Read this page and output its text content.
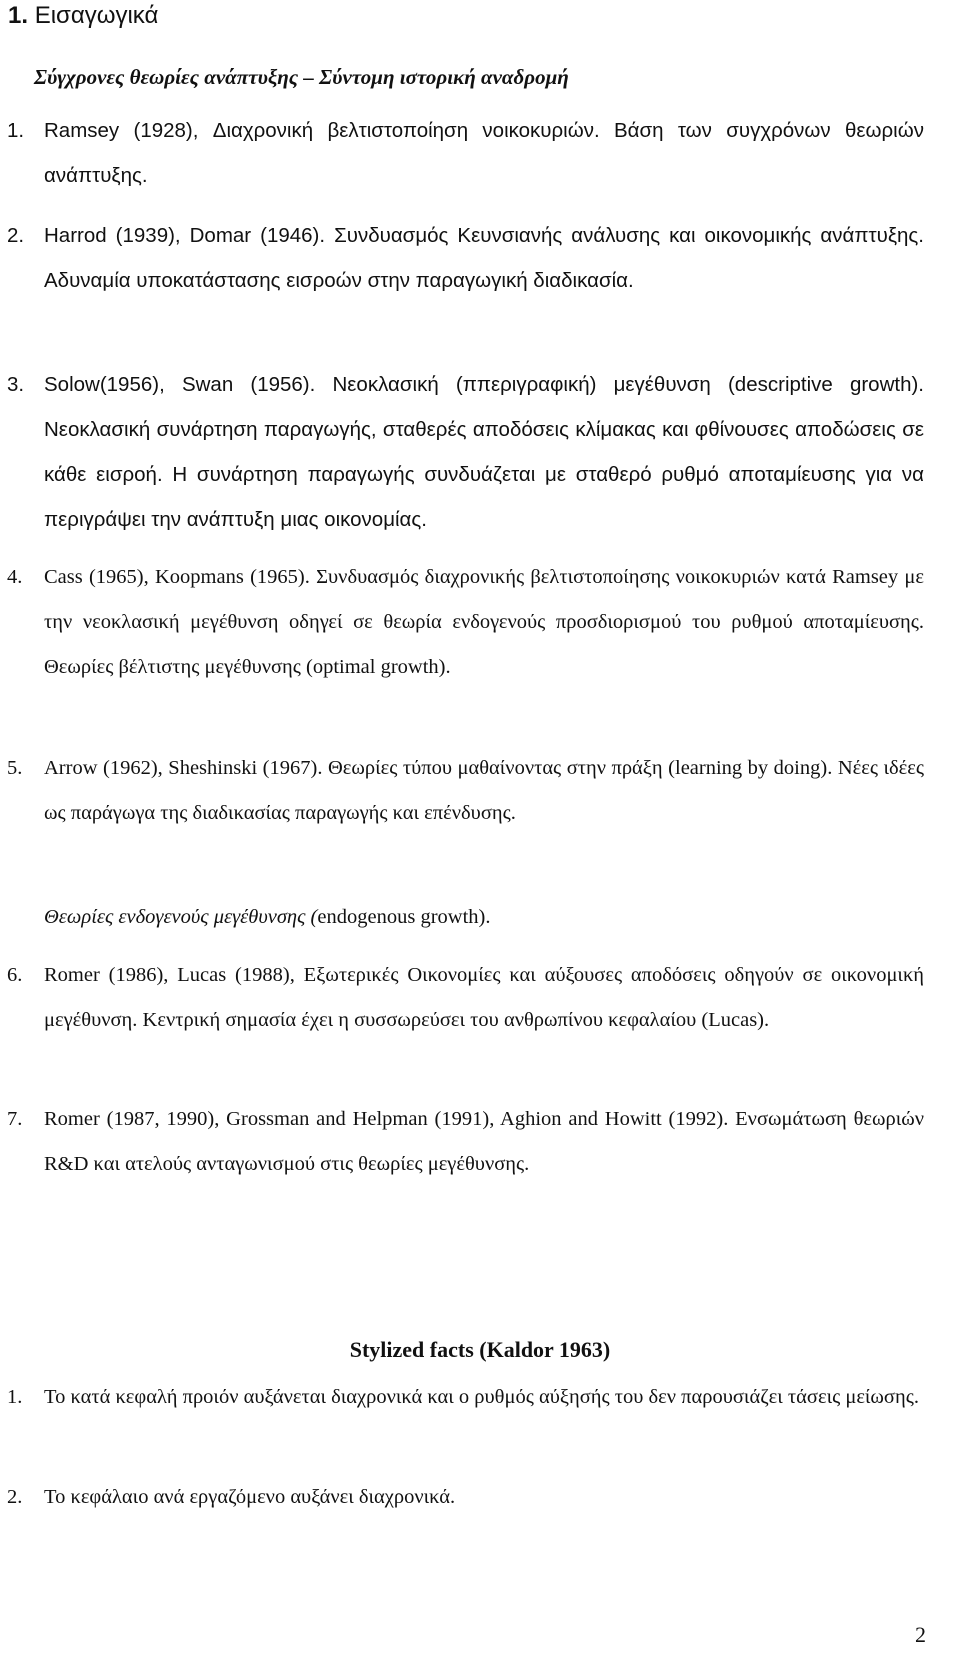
1. Εισαγωγικά
Σύγχρονες θεωρίες ανάπτυξης – Σύντομη ιστορική αναδρομή
1. Ramsey (1928), Διαχρονική βελτιστοποίηση νοικοκυριών. Βάση των συγχρόνων θεωριών ανάπτυξης.
2. Harrod (1939), Domar (1946). Συνδυασμός Κευνσιανής ανάλυσης και οικονομικής ανάπτυξης. Αδυναμία υποκατάστασης εισροών στην παραγωγική διαδικασία.
3. Solow(1956), Swan (1956). Νεοκλασική (ππεριγραφική) μεγέθυνση (descriptive growth). Νεοκλασική συνάρτηση παραγωγής, σταθερές αποδόσεις κλίμακας και φθίνουσες αποδώσεις σε κάθε εισροή. Η συνάρτηση παραγωγής συνδυάζεται με σταθερό ρυθμό αποταμίευσης για να περιγράψει την ανάπτυξη μιας οικονομίας.
4. Cass (1965), Koopmans (1965). Συνδυασμός διαχρονικής βελτιστοποίησης νοικοκυριών κατά Ramsey με την νεοκλασική μεγέθυνση οδηγεί σε θεωρία ενδογενούς προσδιορισμού του ρυθμού αποταμίευσης. Θεωρίες βέλτιστης μεγέθυνσης (optimal growth).
5. Arrow (1962), Sheshinski (1967). Θεωρίες τύπου μαθαίνοντας στην πράξη (learning by doing). Νέες ιδέες ως παράγωγα της διαδικασίας παραγωγής και επένδυσης.
Θεωρίες ενδογενούς μεγέθυνσης (endogenous growth).
6. Romer (1986), Lucas (1988), Εξωτερικές Οικονομίες και αύξουσες αποδόσεις οδηγούν σε οικονομική μεγέθυνση. Κεντρική σημασία έχει η συσσωρεύσει του ανθρωπίνου κεφαλαίου (Lucas).
7. Romer (1987, 1990), Grossman and Helpman (1991), Aghion and Howitt (1992). Ενσωμάτωση θεωριών R&D και ατελούς ανταγωνισμού στις θεωρίες μεγέθυνσης.
Stylized facts (Kaldor 1963)
1. Το κατά κεφαλή προιόν αυξάνεται διαχρονικά και ο ρυθμός αύξησής του δεν παρουσιάζει τάσεις μείωσης.
2. Το κεφάλαιο ανά εργαζόμενο αυξάνει διαχρονικά.
2
